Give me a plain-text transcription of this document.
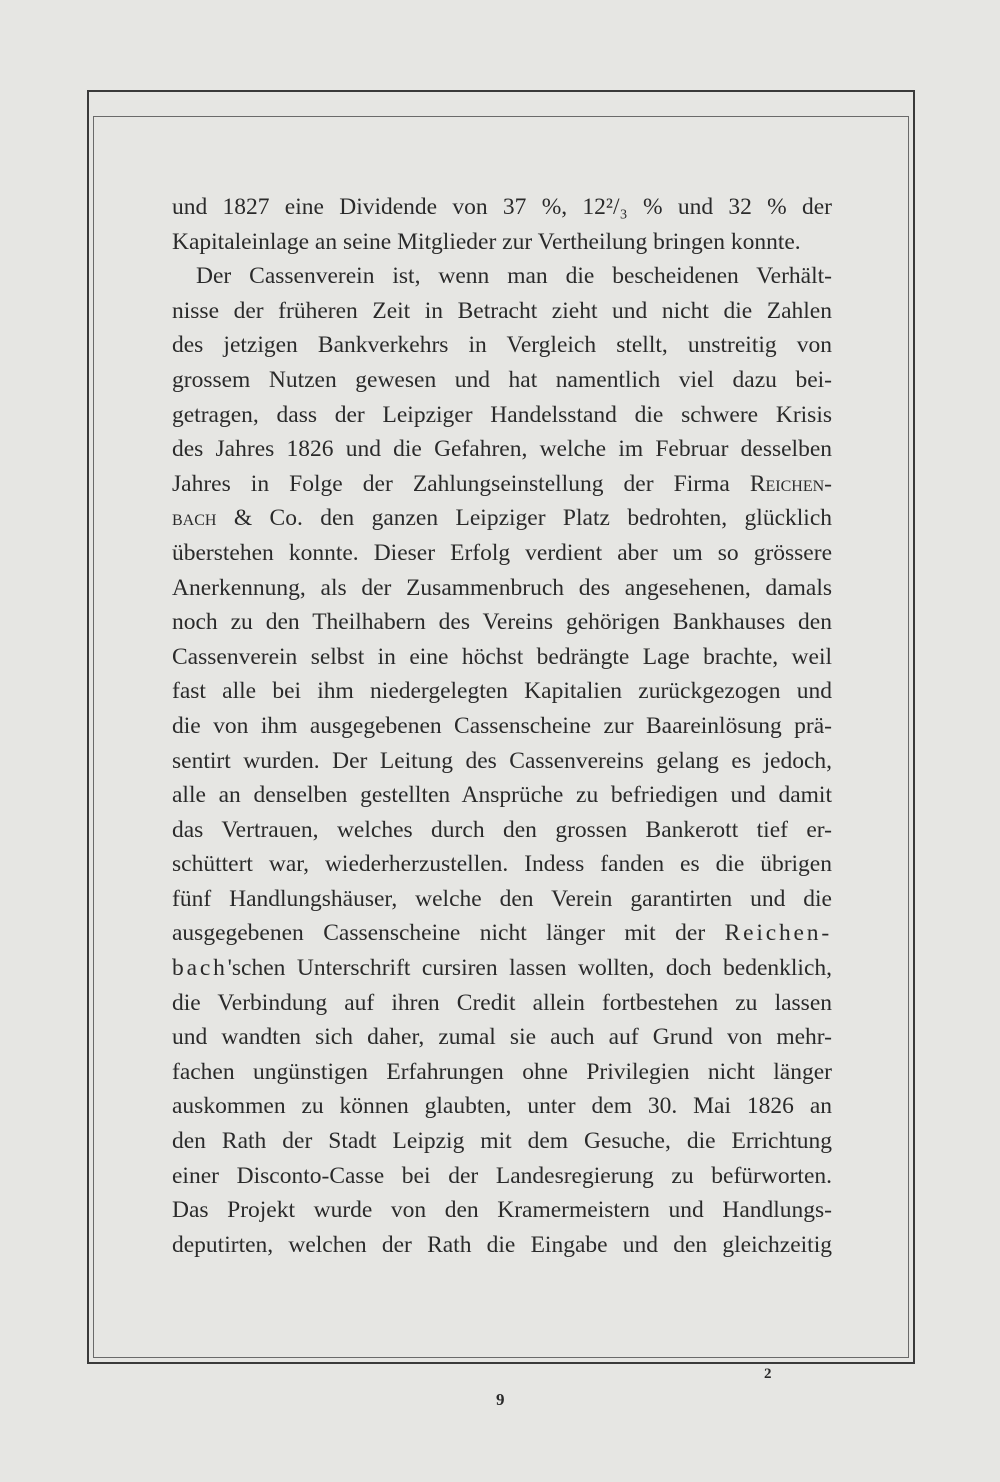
und 1827 eine Dividende von 37 %, 12²/₃ % und 32 % der
Kapitaleinlage an seine Mitglieder zur Vertheilung bringen konnte.
Der Cassenverein ist, wenn man die bescheidenen Verhält-
nisse der früheren Zeit in Betracht zieht und nicht die Zahlen
des jetzigen Bankverkehrs in Vergleich stellt, unstreitig von
grossem Nutzen gewesen und hat namentlich viel dazu bei-
getragen, dass der Leipziger Handelsstand die schwere Krisis
des Jahres 1826 und die Gefahren, welche im Februar desselben
Jahres in Folge der Zahlungseinstellung der Firma Reichen-
bach & Co. den ganzen Leipziger Platz bedrohten, glücklich
überstehen konnte. Dieser Erfolg verdient aber um so grössere
Anerkennung, als der Zusammenbruch des angesehenen, damals
noch zu den Theilhabern des Vereins gehörigen Bankhauses den
Cassenverein selbst in eine höchst bedrängte Lage brachte, weil
fast alle bei ihm niedergelegten Kapitalien zurückgezogen und
die von ihm ausgegebenen Cassenscheine zur Baareinlösung prä-
sentirt wurden. Der Leitung des Cassenvereins gelang es jedoch,
alle an denselben gestellten Ansprüche zu befriedigen und damit
das Vertrauen, welches durch den grossen Bankerott tief er-
schüttert war, wiederherzustellen. Indess fanden es die übrigen
fünf Handlungshäuser, welche den Verein garantirten und die
ausgegebenen Cassenscheine nicht länger mit der Reichen-
bach'schen Unterschrift cursiren lassen wollten, doch bedenklich,
die Verbindung auf ihren Credit allein fortbestehen zu lassen
und wandten sich daher, zumal sie auch auf Grund von mehr-
fachen ungünstigen Erfahrungen ohne Privilegien nicht länger
auskommen zu können glaubten, unter dem 30. Mai 1826 an
den Rath der Stadt Leipzig mit dem Gesuche, die Errichtung
einer Disconto-Casse bei der Landesregierung zu befürworten.
Das Projekt wurde von den Kramermeistern und Handlungs-
deputirten, welchen der Rath die Eingabe und den gleichzeitig
2
9
